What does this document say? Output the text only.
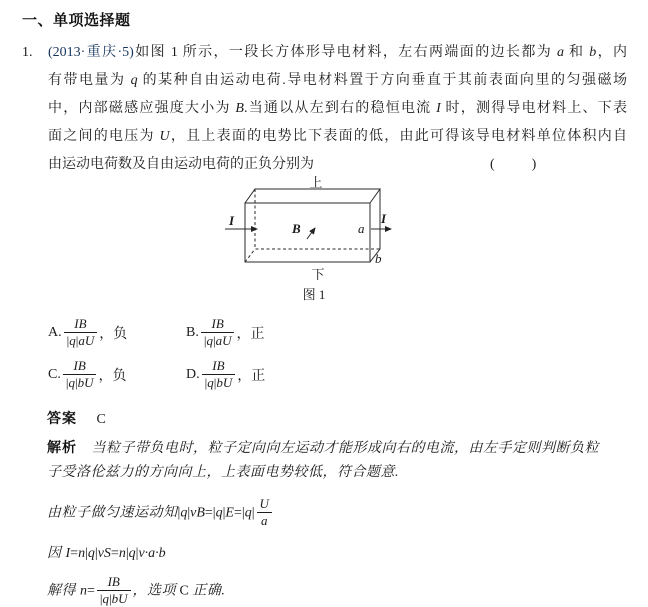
一、单项选择题
1. (2013·重庆·5)如图 1 所示，一段长方体形导电材料，左右两端面的边长都为 a 和 b，内
有带电量为 q 的某种自由运动电荷.导电材料置于方向垂直于其前表面向里的匀强磁场
中，内部磁感应强度大小为 B.当通以从左到右的稳恒电流 I 时，测得导电材料上、下表
面之间的电压为 U，且上表面的电势比下表面的低，由此可得该导电材料单位体积内自
由运动电荷数及自由运动电荷的正负分别为	(        )
上
下
I	I
B	a
b
图 1
A. $\frac{IB}{|q|aU}$ ，负	B. $\frac{IB}{|q|aU}$ ，正
C. $\frac{IB}{|q|bU}$ ，负	D. $\frac{IB}{|q|bU}$ ，正
答案 C
解析 当粒子带负电时，粒子定向向左运动才能形成向右的电流，由左手定则判断负粒
子受洛伦兹力的方向向上，上表面电势较低，符合题意.
由粒子做匀速运动知$|q|vB=|q|E=|q| \frac{U}{a}$
因 I=n|q|vS=n|q|v·a·b
解得 $n= \frac{IB}{|q|bU}$ ，选项 C 正确.
